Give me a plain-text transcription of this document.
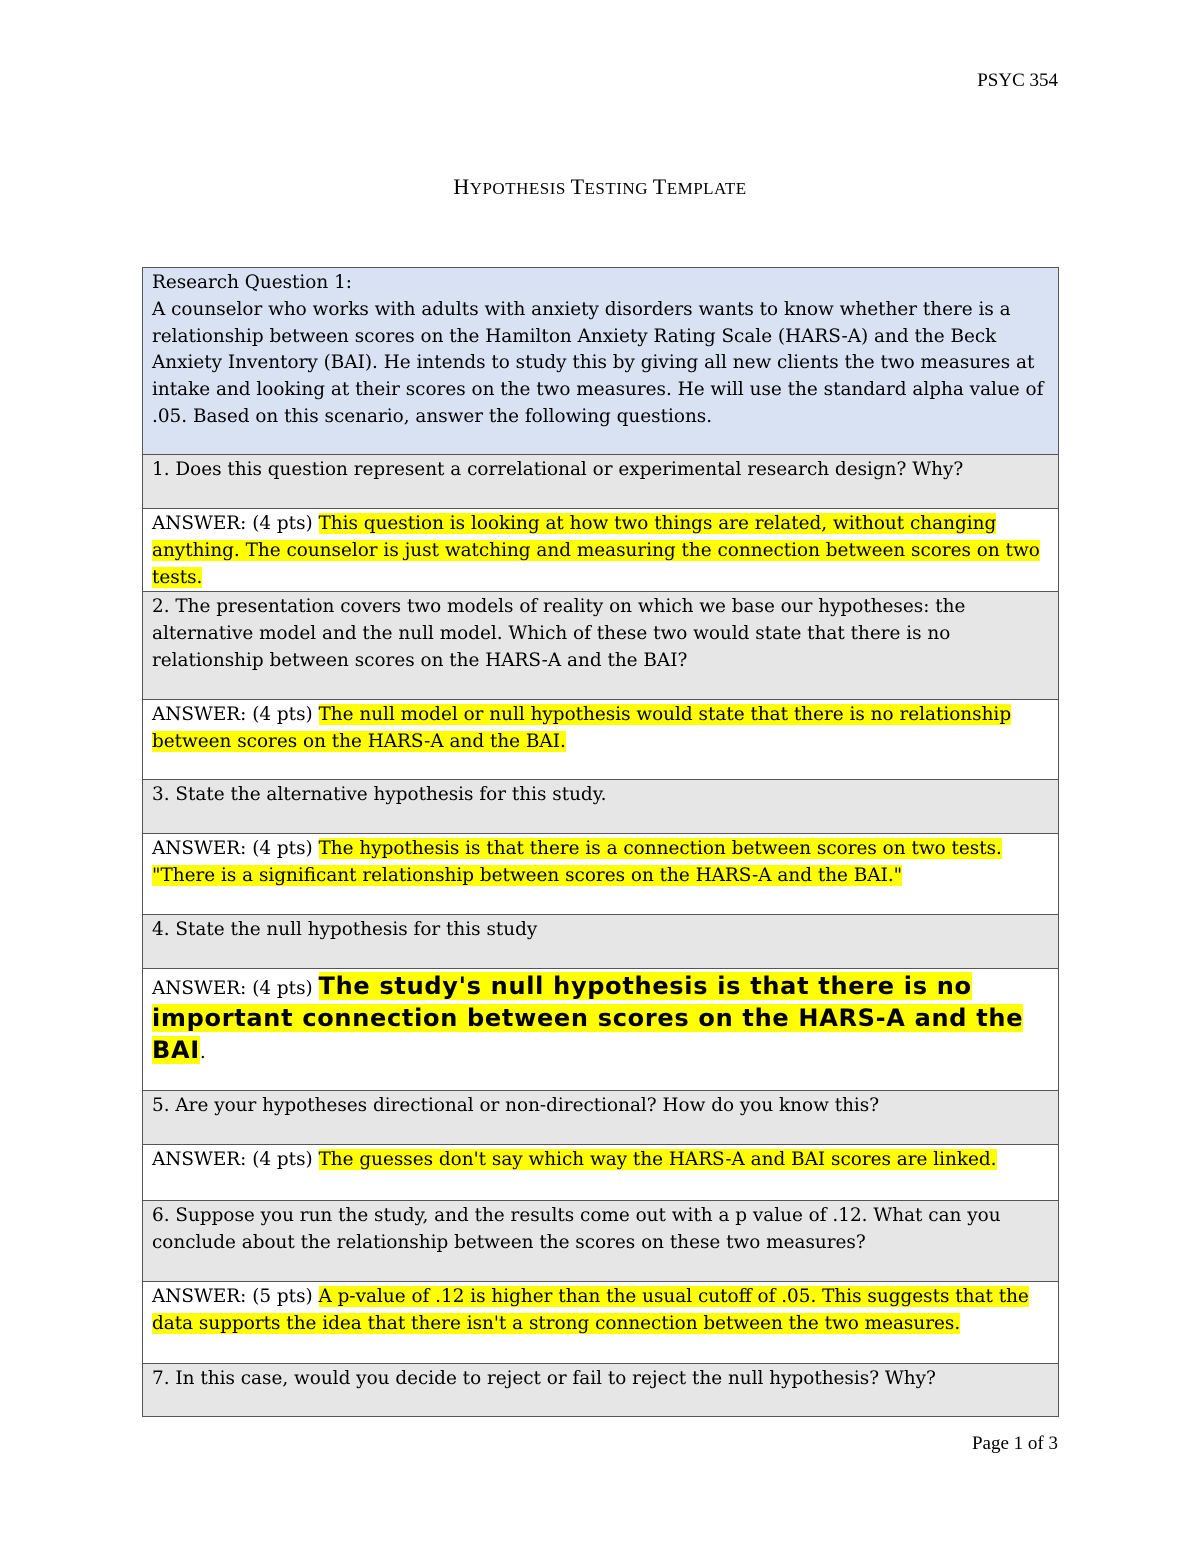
PSYC 354
HYPOTHESIS TESTING TEMPLATE
Research Question 1:
A counselor who works with adults with anxiety disorders wants to know whether there is a relationship between scores on the Hamilton Anxiety Rating Scale (HARS-A) and the Beck Anxiety Inventory (BAI). He intends to study this by giving all new clients the two measures at intake and looking at their scores on the two measures. He will use the standard alpha value of .05. Based on this scenario, answer the following questions.

1. Does this question represent a correlational or experimental research design? Why?
ANSWER: (4 pts) This question is looking at how two things are related, without changing anything. The counselor is just watching and measuring the connection between scores on two tests.
2. The presentation covers two models of reality on which we base our hypotheses: the alternative model and the null model. Which of these two would state that there is no relationship between scores on the HARS-A and the BAI?
ANSWER: (4 pts) The null model or null hypothesis would state that there is no relationship between scores on the HARS-A and the BAI.
3. State the alternative hypothesis for this study.
ANSWER: (4 pts) The hypothesis is that there is a connection between scores on two tests. "There is a significant relationship between scores on the HARS-A and the BAI."
4. State the null hypothesis for this study
ANSWER: (4 pts) The study's null hypothesis is that there is no important connection between scores on the HARS-A and the BAI.
5. Are your hypotheses directional or non-directional? How do you know this?
ANSWER: (4 pts) The guesses don't say which way the HARS-A and BAI scores are linked.
6. Suppose you run the study, and the results come out with a p value of .12. What can you conclude about the relationship between the scores on these two measures?
ANSWER: (5 pts) A p-value of .12 is higher than the usual cutoff of .05. This suggests that the data supports the idea that there isn't a strong connection between the two measures.
7. In this case, would you decide to reject or fail to reject the null hypothesis? Why?
Page 1 of 3
